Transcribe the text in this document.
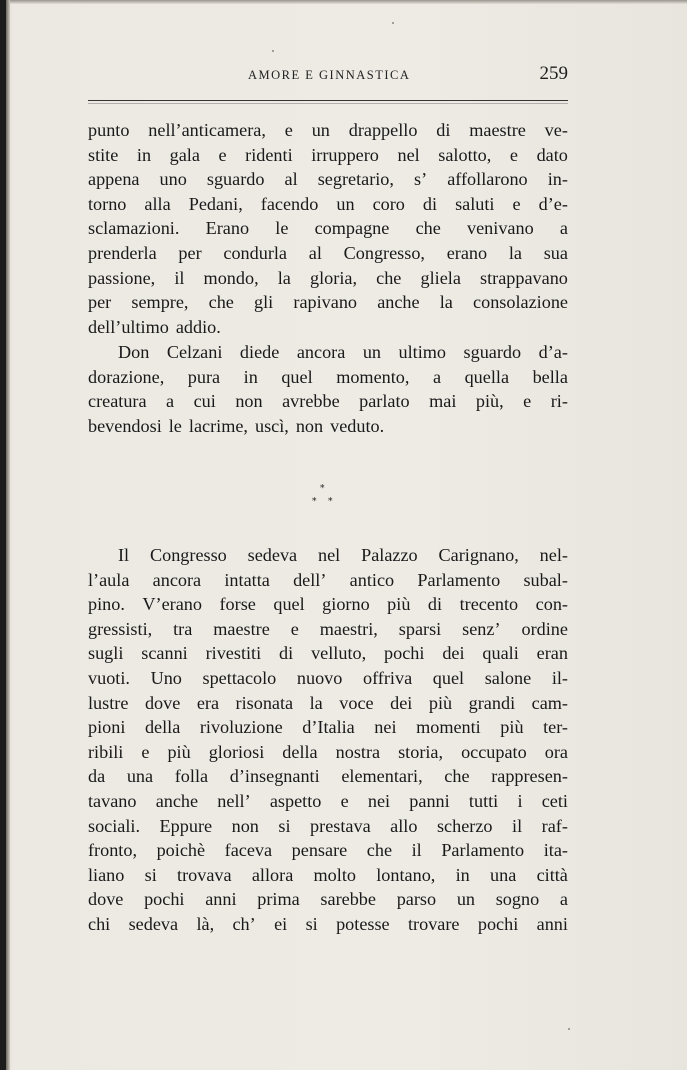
AMORE E GINNASTICA	259
punto nell’anticamera, e un drappello di maestre ve-
stite in gala e ridenti irruppero nel salotto, e dato
appena uno sguardo al segretario, s’ affollarono in-
torno alla Pedani, facendo un coro di saluti e d’e-
sclamazioni. Erano le compagne che venivano a
prenderla per condurla al Congresso, erano la sua
passione, il mondo, la gloria, che gliela strappavano
per sempre, che gli rapivano anche la consolazione
dell’ultimo addio.
Don Celzani diede ancora un ultimo sguardo d’a-
dorazione, pura in quel momento, a quella bella
creatura a cui non avrebbe parlato mai più, e ri-
bevendosi le lacrime, uscì, non veduto.
*
* *
Il Congresso sedeva nel Palazzo Carignano, nel-
l’aula ancora intatta dell’ antico Parlamento subal-
pino. V’erano forse quel giorno più di trecento con-
gressisti, tra maestre e maestri, sparsi senz’ ordine
sugli scanni rivestiti di velluto, pochi dei quali eran
vuoti. Uno spettacolo nuovo offriva quel salone il-
lustre dove era risonata la voce dei più grandi cam-
pioni della rivoluzione d’Italia nei momenti più ter-
ribili e più gloriosi della nostra storia, occupato ora
da una folla d’insegnanti elementari, che rappresen-
tavano anche nell’ aspetto e nei panni tutti i ceti
sociali. Eppure non si prestava allo scherzo il raf-
fronto, poichè faceva pensare che il Parlamento ita-
liano si trovava allora molto lontano, in una città
dove pochi anni prima sarebbe parso un sogno a
chi sedeva là, ch’ ei si potesse trovare pochi anni
